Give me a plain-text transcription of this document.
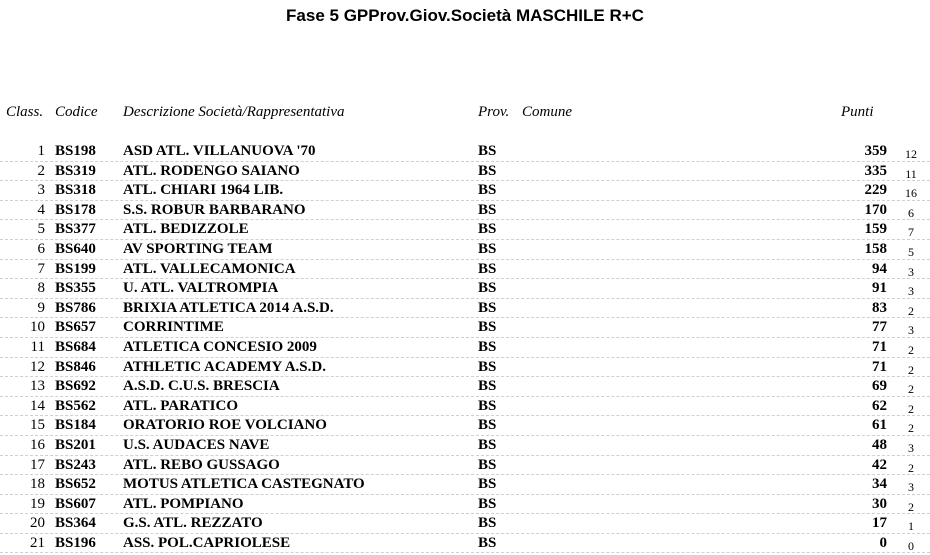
Fase 5 GPProv.Giov.Società MASCHILE R+C
Class. Codice Descrizione Società/Rappresentativa	Prov. Comune	Punti
1 BS198 ASD ATL. VILLANUOVA '70	BS	359	12
2 BS319 ATL. RODENGO SAIANO	BS	335	11
3 BS318 ATL. CHIARI 1964 LIB.	BS	229	16
4 BS178 S.S. ROBUR BARBARANO	BS	170	6
5 BS377 ATL. BEDIZZOLE	BS	159	7
6 BS640 AV SPORTING TEAM	BS	158	5
7 BS199 ATL. VALLECAMONICA	BS	94	3
8 BS355 U. ATL. VALTROMPIA	BS	91	3
9 BS786 BRIXIA ATLETICA 2014 A.S.D.	BS	83	2
10 BS657 CORRINTIME	BS	77	3
11 BS684 ATLETICA CONCESIO 2009	BS	71	2
12 BS846 ATHLETIC ACADEMY A.S.D.	BS	71	2
13 BS692 A.S.D. C.U.S. BRESCIA	BS	69	2
14 BS562 ATL. PARATICO	BS	62	2
15 BS184 ORATORIO ROE VOLCIANO	BS	61	2
16 BS201 U.S. AUDACES NAVE	BS	48	3
17 BS243 ATL. REBO GUSSAGO	BS	42	2
18 BS652 MOTUS ATLETICA CASTEGNATO	BS	34	3
19 BS607 ATL. POMPIANO	BS	30	2
20 BS364 G.S. ATL. REZZATO	BS	17	1
21 BS196 ASS. POL.CAPRIOLESE	BS	0	0
